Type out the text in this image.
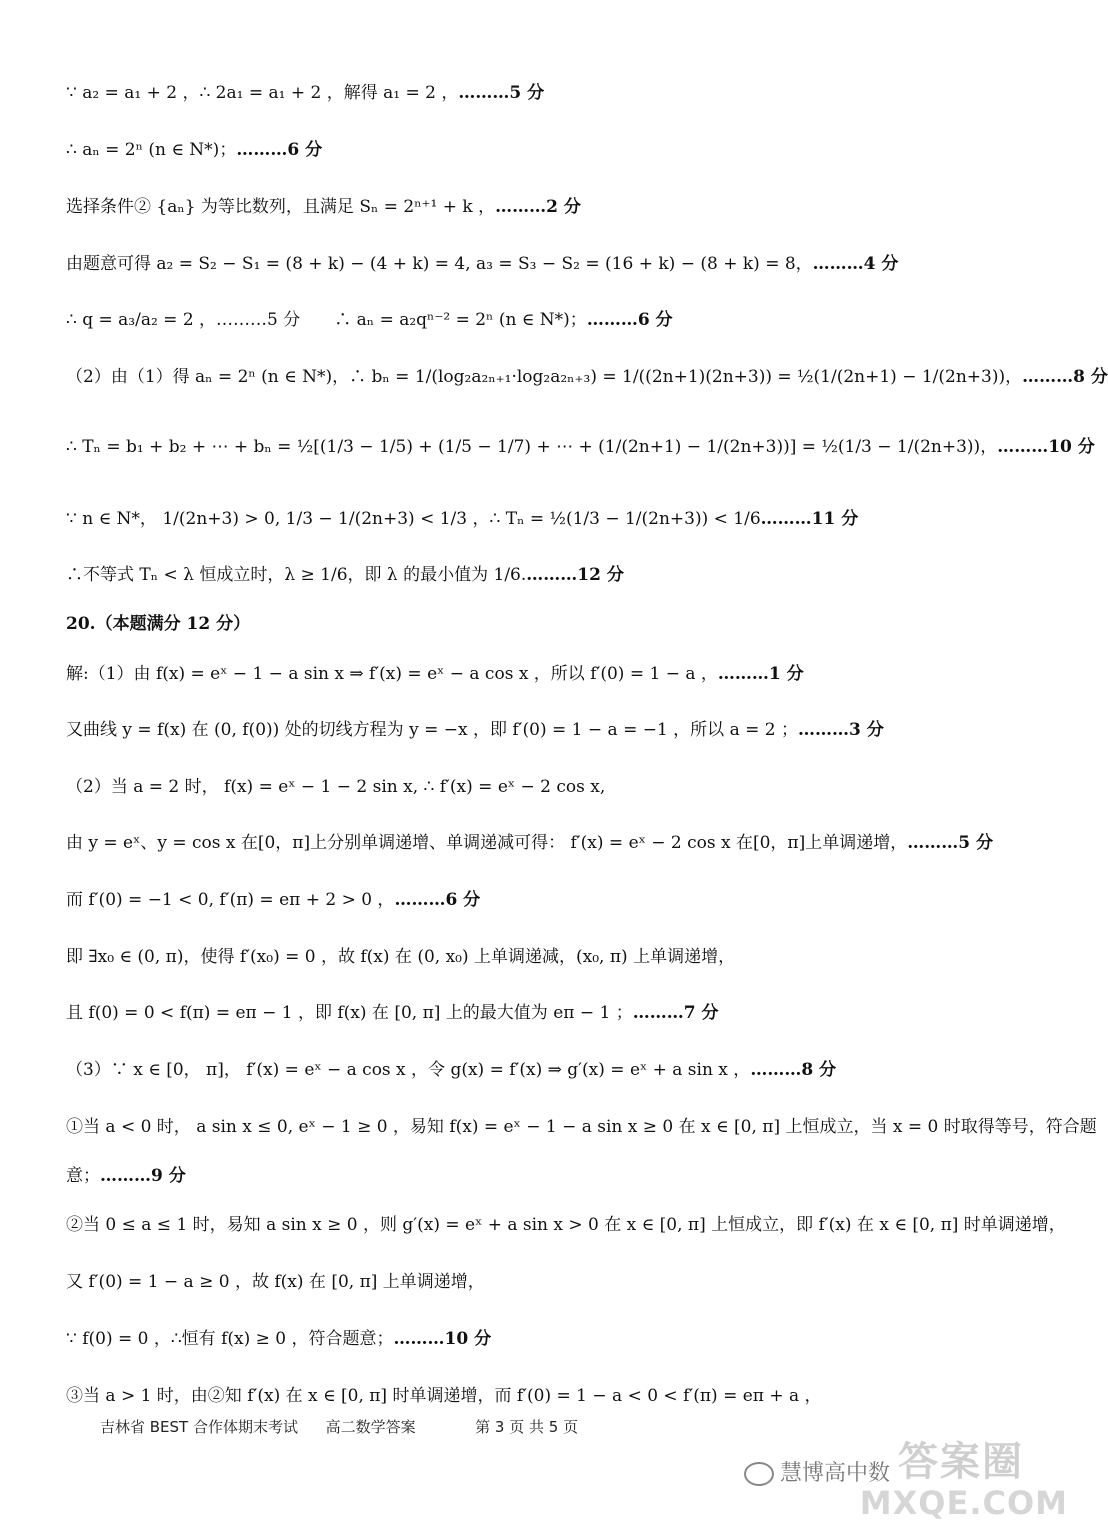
∵ a₂ = a₁ + 2 ，∴ 2a₁ = a₁ + 2 ，解得 a₁ = 2 ，………5 分
∴ aₙ = 2ⁿ (n ∈ N*)；………6 分
选择条件② {aₙ} 为等比数列，且满足 Sₙ = 2ⁿ⁺¹ + k ，………2 分
由题意可得 a₂ = S₂ − S₁ = (8 + k) − (4 + k) = 4, a₃ = S₃ − S₂ = (16 + k) − (8 + k) = 8，………4 分
∴ q = a₃/a₂ = 2 ，………5 分　　∴ aₙ = a₂qⁿ⁻² = 2ⁿ (n ∈ N*)；………6 分
（2）由（1）得 aₙ = 2ⁿ (n ∈ N*)，∴ bₙ = 1/(log₂a₂ₙ₊₁·log₂a₂ₙ₊₃) = 1/((2n+1)(2n+3)) = ½(1/(2n+1) − 1/(2n+3))，………8 分
∴ Tₙ = b₁ + b₂ + ⋯ + bₙ = ½[(1/3 − 1/5) + (1/5 − 1/7) + ⋯ + (1/(2n+1) − 1/(2n+3))] = ½(1/3 − 1/(2n+3))，………10 分
∵ n ∈ N*， 1/(2n+3) > 0, 1/3 − 1/(2n+3) < 1/3 ，∴ Tₙ = ½(1/3 − 1/(2n+3)) < 1/6………11 分
∴不等式 Tₙ < λ 恒成立时，λ ≥ 1/6，即 λ 的最小值为 1/6.………12 分
20.（本题满分 12 分）
解:（1）由 f(x) = eˣ − 1 − a sin x ⇒ f′(x) = eˣ − a cos x ，所以 f′(0) = 1 − a ，………1 分
又曲线 y = f(x) 在 (0, f(0)) 处的切线方程为 y = −x ，即 f′(0) = 1 − a = −1 ，所以 a = 2 ；………3 分
（2）当 a = 2 时， f(x) = eˣ − 1 − 2 sin x, ∴ f′(x) = eˣ − 2 cos x,
由 y = eˣ、y = cos x 在[0，π]上分别单调递增、单调递减可得： f′(x) = eˣ − 2 cos x 在[0，π]上单调递增，………5 分
而 f′(0) = −1 < 0, f′(π) = eπ + 2 > 0 ，………6 分
即 ∃x₀ ∈ (0, π)，使得 f′(x₀) = 0 ，故 f(x) 在 (0, x₀) 上单调递减，(x₀, π) 上单调递增，
且 f(0) = 0 < f(π) = eπ − 1 ，即 f(x) 在 [0, π] 上的最大值为 eπ − 1 ；………7 分
（3）∵ x ∈ [0， π]， f′(x) = eˣ − a cos x ，令 g(x) = f′(x) ⇒ g′(x) = eˣ + a sin x ，………8 分
①当 a < 0 时， a sin x ≤ 0, eˣ − 1 ≥ 0 ，易知 f(x) = eˣ − 1 − a sin x ≥ 0 在 x ∈ [0, π] 上恒成立，当 x = 0 时取得等号，符合题
意；………9 分
②当 0 ≤ a ≤ 1 时，易知 a sin x ≥ 0 ，则 g′(x) = eˣ + a sin x > 0 在 x ∈ [0, π] 上恒成立，即 f′(x) 在 x ∈ [0, π] 时单调递增，
又 f′(0) = 1 − a ≥ 0 ，故 f(x) 在 [0, π] 上单调递增，
∵ f(0) = 0 ，∴恒有 f(x) ≥ 0 ，符合题意；………10 分
③当 a > 1 时，由②知 f′(x) 在 x ∈ [0, π] 时单调递增，而 f′(0) = 1 − a < 0 < f′(π) = eπ + a ，
吉林省 BEST 合作体期末考试 高二数学答案	第 3 页 共 5 页
慧博高中数 答案圈
MXQE.COM
